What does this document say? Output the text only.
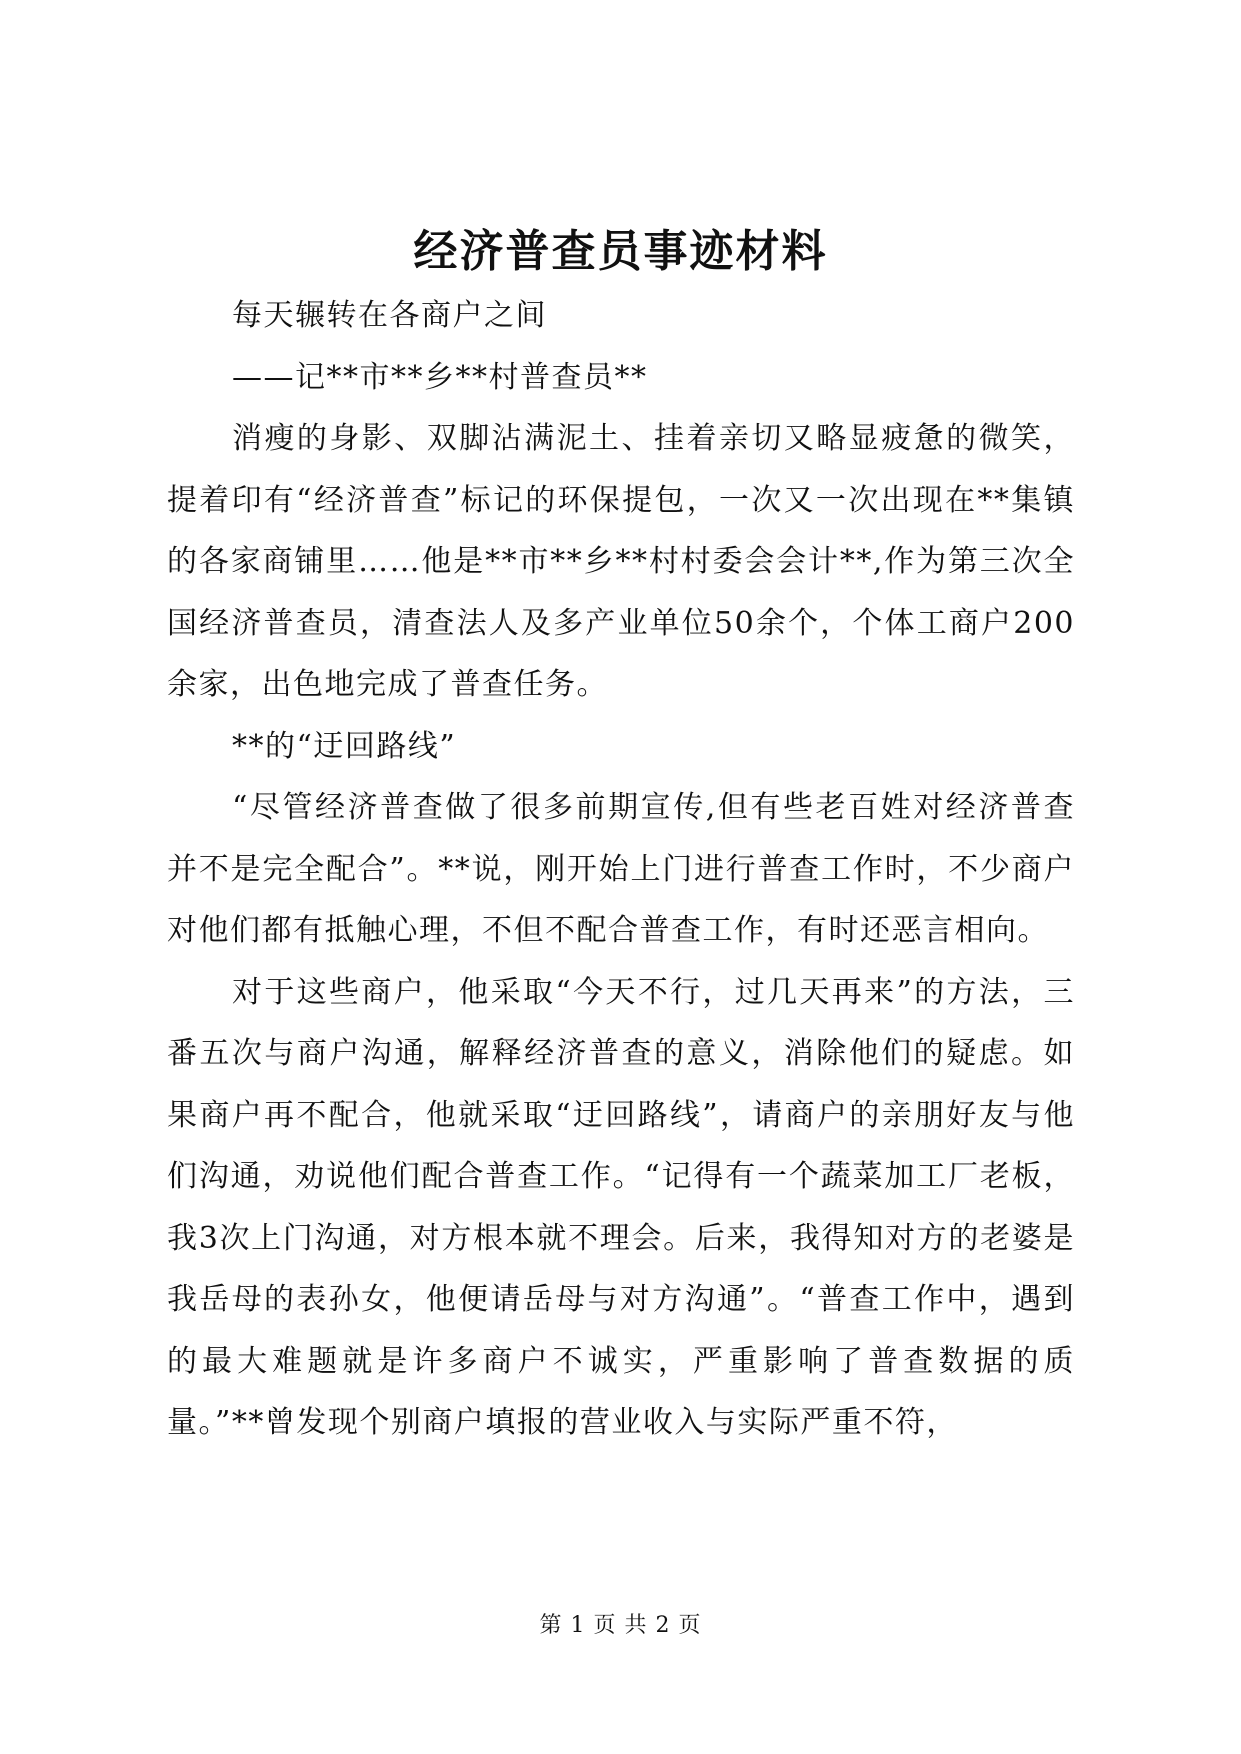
经济普查员事迹材料

每天辗转在各商户之间

——记**市**乡**村普查员**

消瘦的身影、双脚沾满泥土、挂着亲切又略显疲惫的微笑，提着印有“经济普查”标记的环保提包，一次又一次出现在**集镇的各家商铺里……他是**市**乡**村村委会会计**,作为第三次全国经济普查员，清查法人及多产业单位50余个，个体工商户200余家，出色地完成了普查任务。

**的“迂回路线”

“尽管经济普查做了很多前期宣传,但有些老百姓对经济普查并不是完全配合”。**说，刚开始上门进行普查工作时，不少商户对他们都有抵触心理，不但不配合普查工作，有时还恶言相向。

对于这些商户，他采取“今天不行，过几天再来”的方法，三番五次与商户沟通，解释经济普查的意义，消除他们的疑虑。如果商户再不配合，他就采取“迂回路线”，请商户的亲朋好友与他们沟通，劝说他们配合普查工作。“记得有一个蔬菜加工厂老板，我3次上门沟通，对方根本就不理会。后来，我得知对方的老婆是我岳母的表孙女，他便请岳母与对方沟通”。“普查工作中，遇到的最大难题就是许多商户不诚实，严重影响了普查数据的质量。”**曾发现个别商户填报的营业收入与实际严重不符，

第 1 页 共 2 页
